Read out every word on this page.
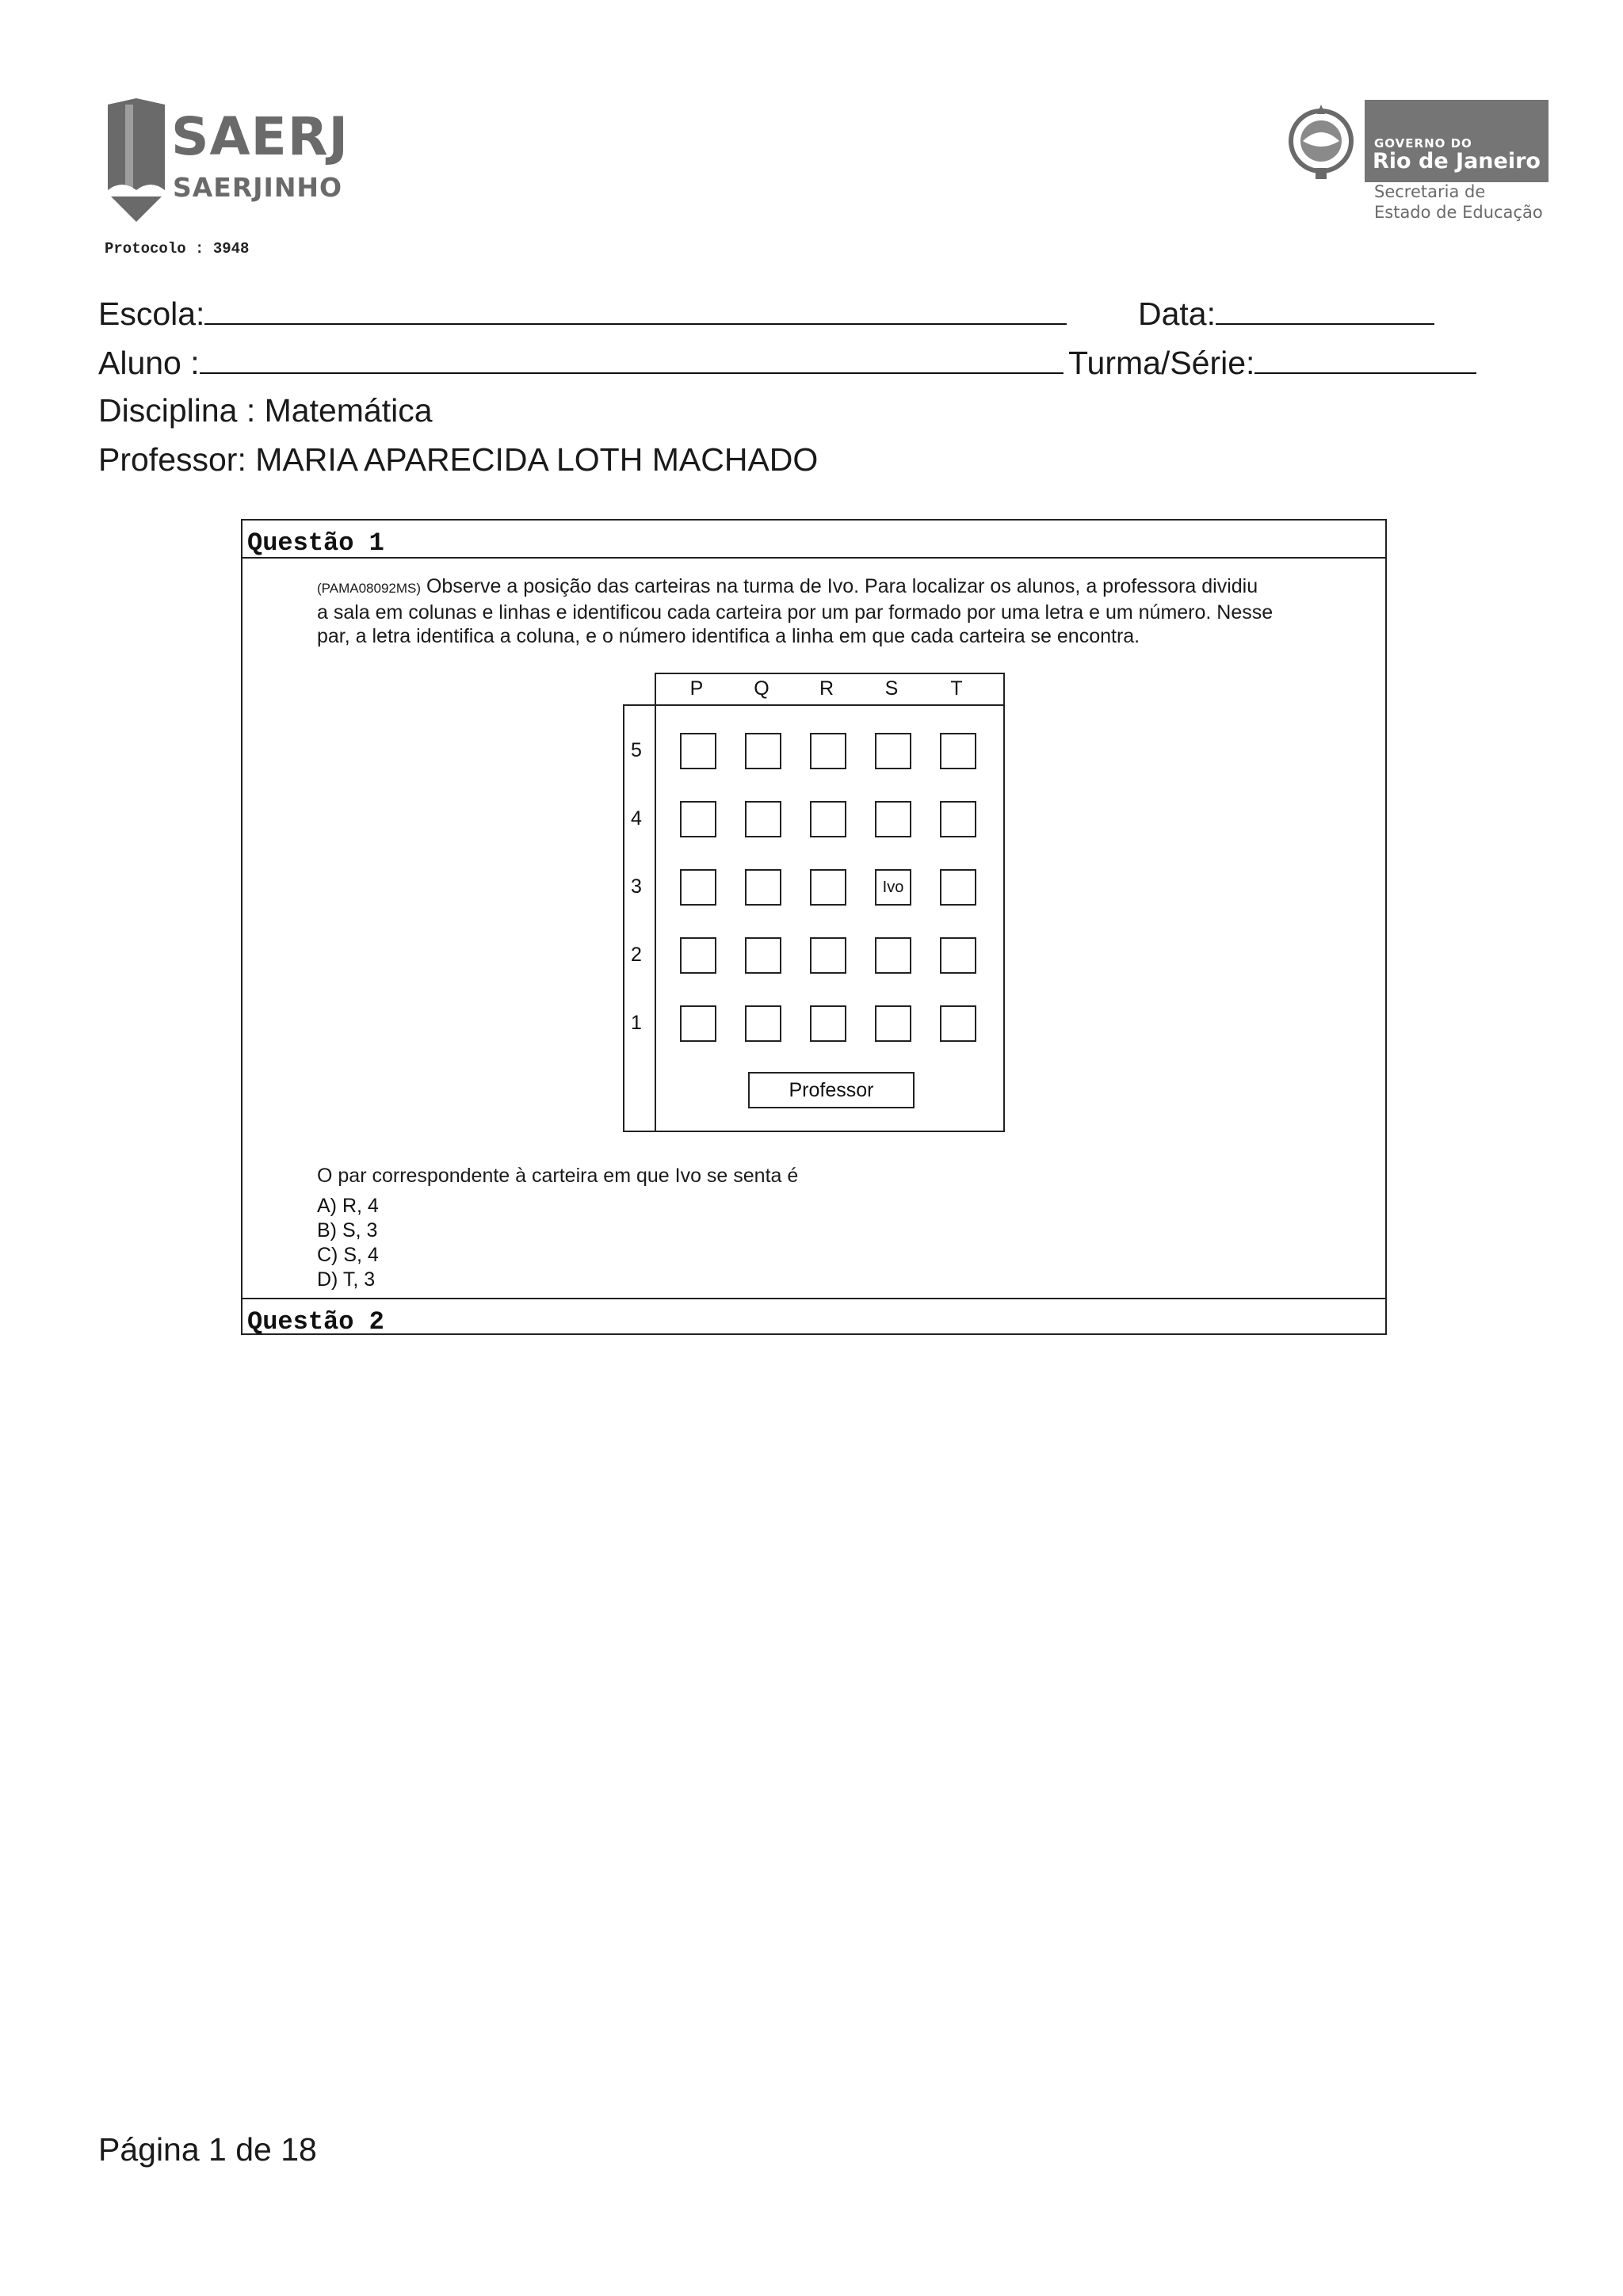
SAERJ
SAERJINHO
Protocolo : 3948
GOVERNO DO
Rio de Janeiro
Secretaria de
Estado de Educação
Escola:	Data:
Aluno :	Turma/Série:
Disciplina : Matemática
Professor: MARIA APARECIDA LOTH MACHADO
Questão 1
(PAMA08092MS) Observe a posição das carteiras na turma de Ivo. Para localizar os alunos, a professora dividiu
a sala em colunas e linhas e identificou cada carteira por um par formado por uma letra e um número. Nesse
par, a letra identifica a coluna, e o número identifica a linha em que cada carteira se encontra.
P	Q	R	S	T
5
4
3
2
1
Ivo
Professor
O par correspondente à carteira em que Ivo se senta é
A) R, 4
B) S, 3
C) S, 4
D) T, 3
Questão 2
Página 1 de 18
